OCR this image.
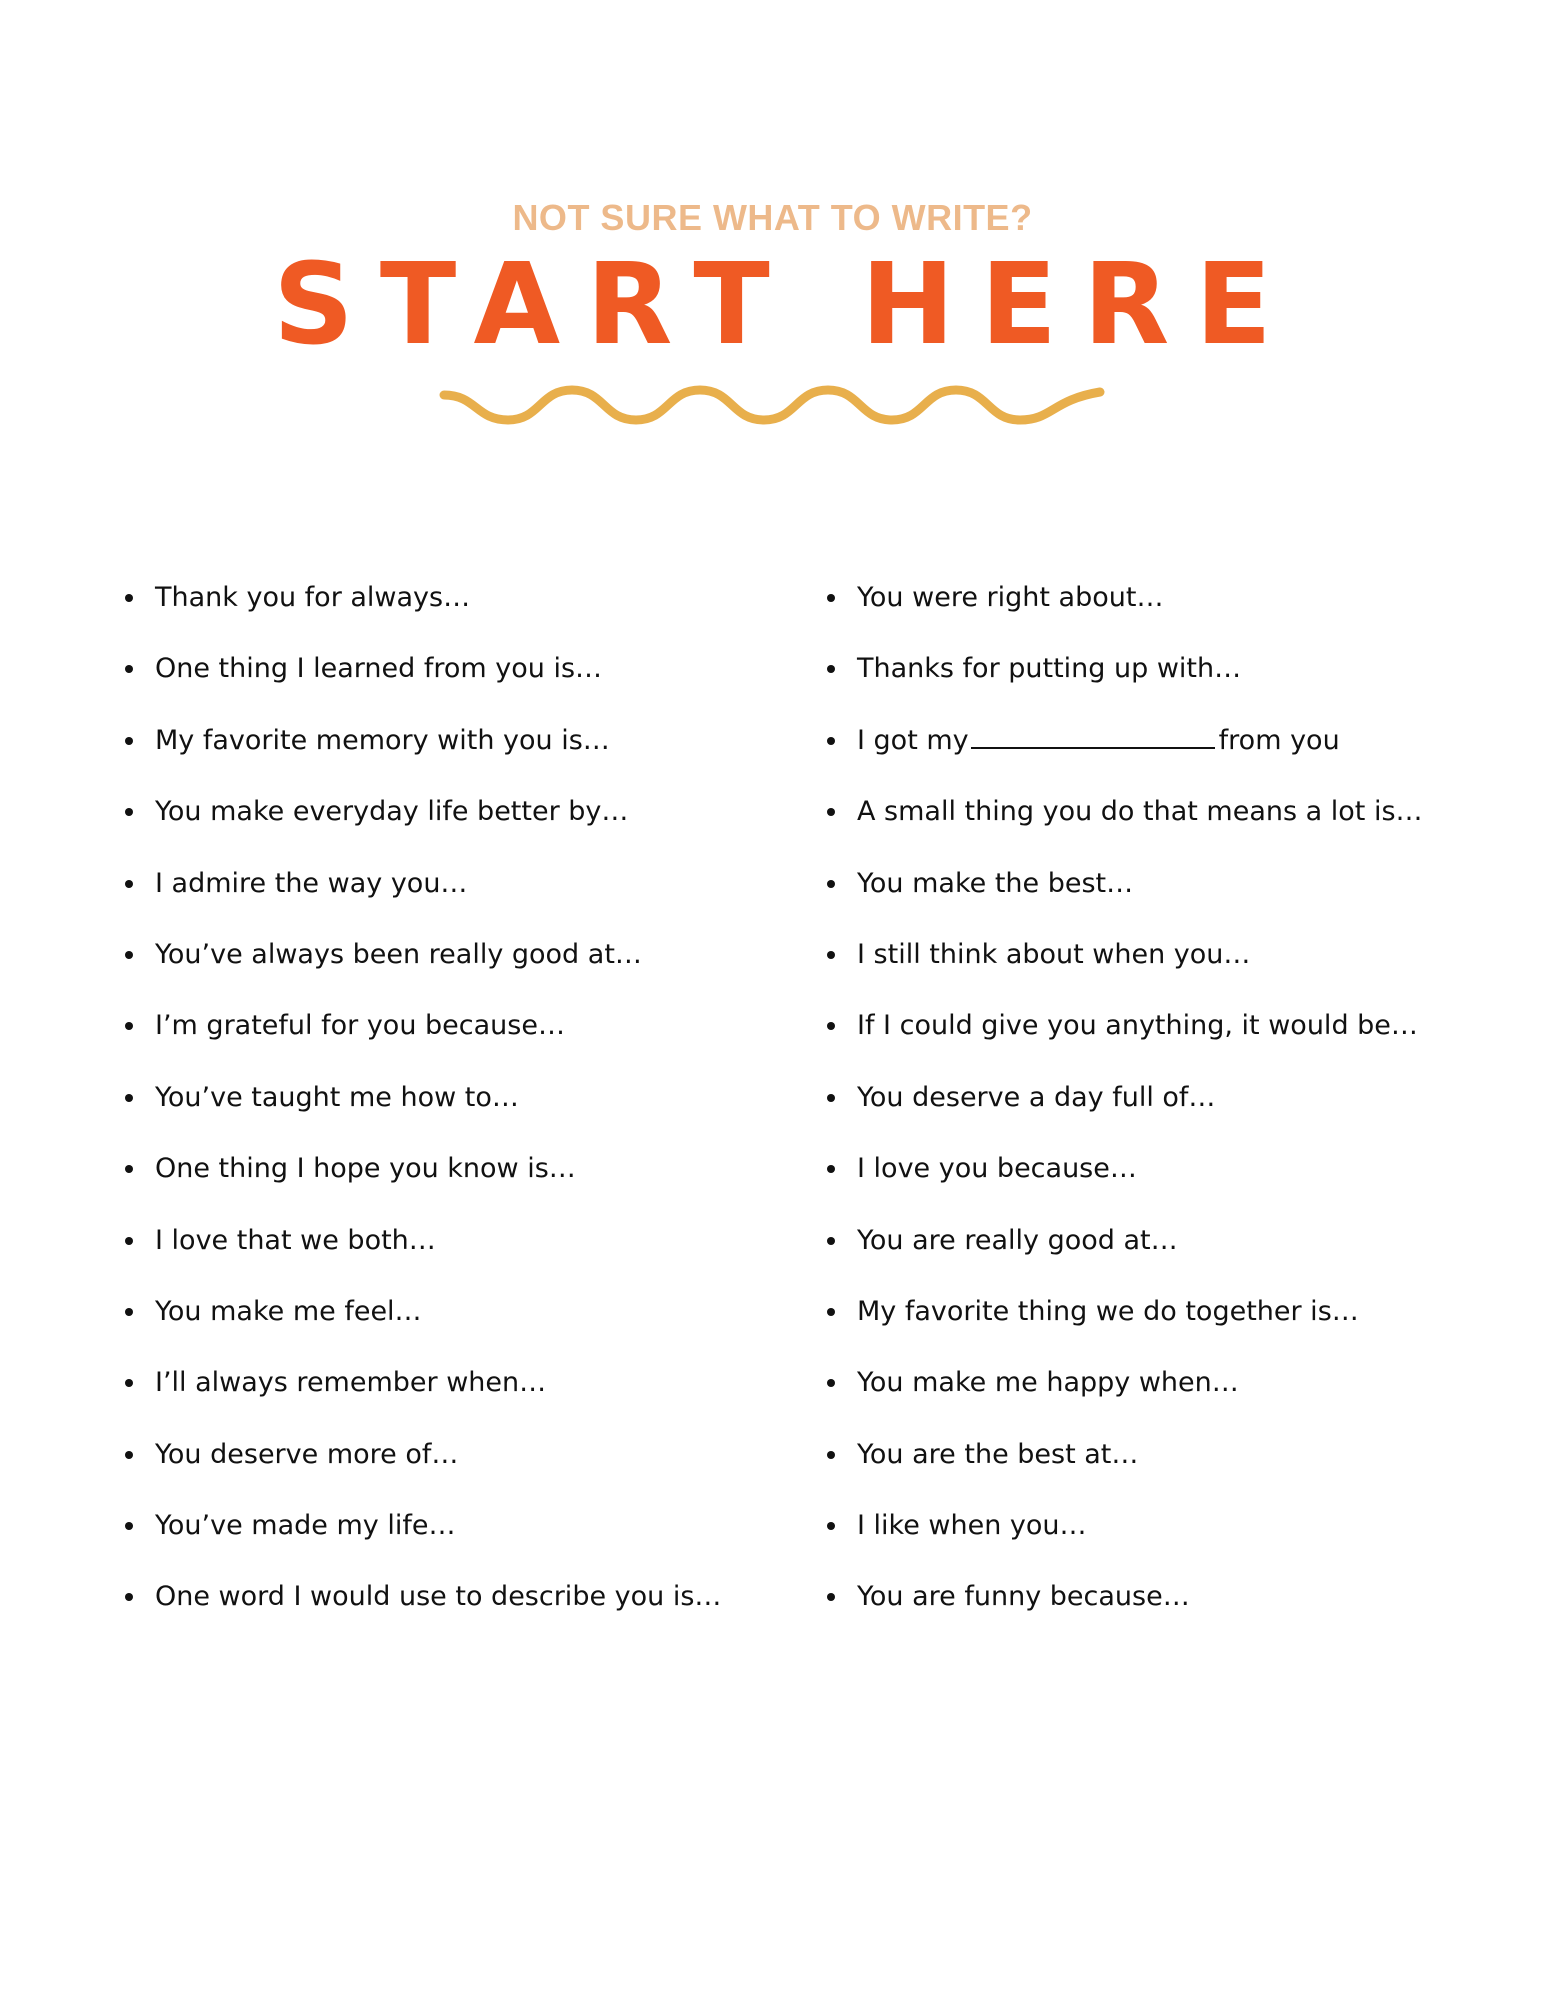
NOT SURE WHAT TO WRITE?
START HERE
Thank you for always…
One thing I learned from you is…
My favorite memory with you is…
You make everyday life better by…
I admire the way you…
You’ve always been really good at…
I’m grateful for you because…
You’ve taught me how to…
One thing I hope you know is…
I love that we both…
You make me feel…
I’ll always remember when…
You deserve more of…
You’ve made my life…
One word I would use to describe you is…
You were right about…
Thanks for putting up with…
I got my	from you
A small thing you do that means a lot is…
You make the best…
I still think about when you…
If I could give you anything, it would be…
You deserve a day full of…
I love you because…
You are really good at…
My favorite thing we do together is…
You make me happy when…
You are the best at…
I like when you…
You are funny because…
